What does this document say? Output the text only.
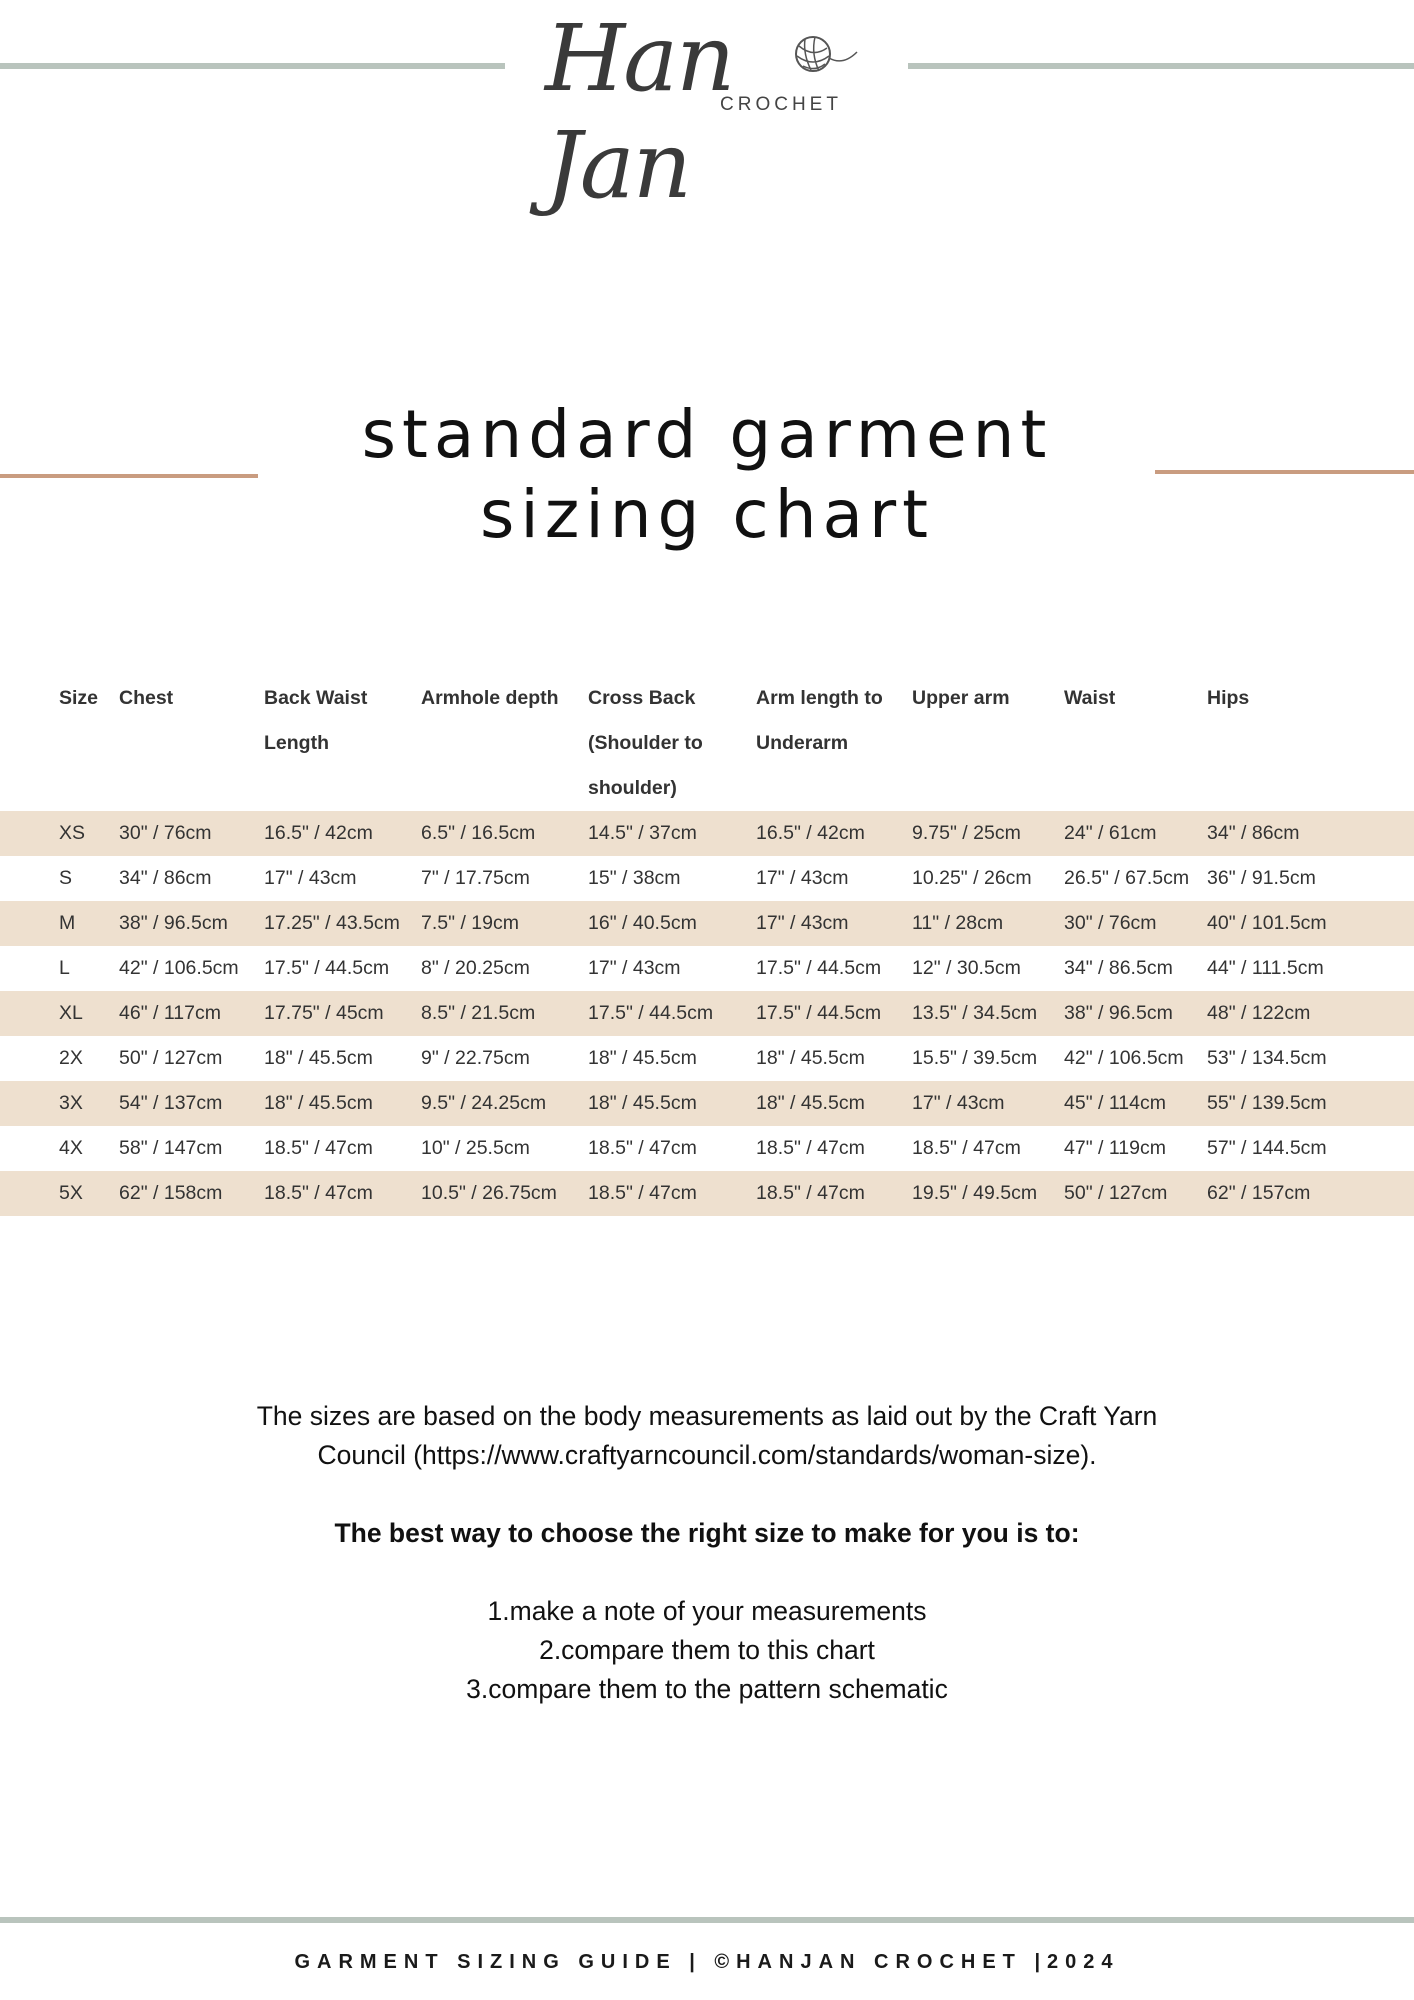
Han Jan
CROCHET
standard garment
sizing chart
Size	Chest	Back Waist Length	Armhole depth	Cross Back (Shoulder to shoulder)	Arm length to Underarm	Upper arm	Waist	Hips
XS	30" / 76cm	16.5" / 42cm	6.5" / 16.5cm	14.5" / 37cm	16.5" / 42cm	9.75" / 25cm	24" / 61cm	34" / 86cm
S	34" / 86cm	17" / 43cm	7" / 17.75cm	15" / 38cm	17" / 43cm	10.25" / 26cm	26.5" / 67.5cm	36" / 91.5cm
M	38" / 96.5cm	17.25" / 43.5cm	7.5" / 19cm	16" / 40.5cm	17" / 43cm	11" / 28cm	30" / 76cm	40" / 101.5cm
L	42" / 106.5cm	17.5" / 44.5cm	8" / 20.25cm	17" / 43cm	17.5" / 44.5cm	12" / 30.5cm	34" / 86.5cm	44" / 111.5cm
XL	46" / 117cm	17.75" / 45cm	8.5" / 21.5cm	17.5" / 44.5cm	17.5" / 44.5cm	13.5" / 34.5cm	38" / 96.5cm	48" / 122cm
2X	50" / 127cm	18" / 45.5cm	9" / 22.75cm	18" / 45.5cm	18" / 45.5cm	15.5" / 39.5cm	42" / 106.5cm	53" / 134.5cm
3X	54" / 137cm	18" / 45.5cm	9.5" / 24.25cm	18" / 45.5cm	18" / 45.5cm	17" / 43cm	45" / 114cm	55" / 139.5cm
4X	58" / 147cm	18.5" / 47cm	10" / 25.5cm	18.5" / 47cm	18.5" / 47cm	18.5" / 47cm	47" / 119cm	57" / 144.5cm
5X	62" / 158cm	18.5" / 47cm	10.5" / 26.75cm	18.5" / 47cm	18.5" / 47cm	19.5" / 49.5cm	50" / 127cm	62" / 157cm

The sizes are based on the body measurements as laid out by the Craft Yarn Council (https://www.craftyarncouncil.com/standards/woman-size).

The best way to choose the right size to make for you is to:

1.make a note of your measurements
2.compare them to this chart
3.compare them to the pattern schematic
GARMENT SIZING GUIDE | ©HANJAN CROCHET |2024
